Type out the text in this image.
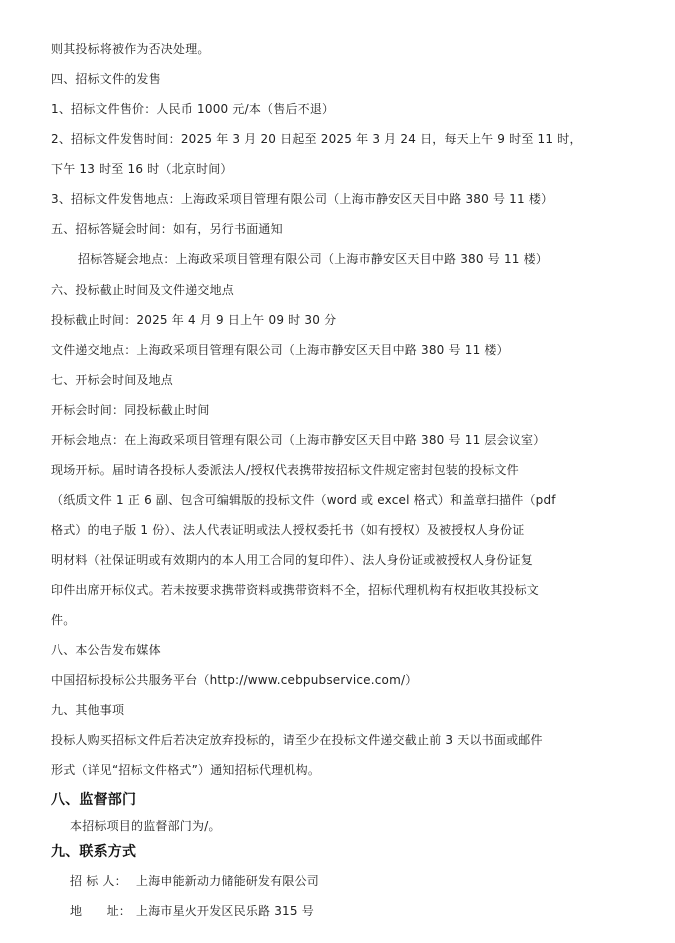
则其投标将被作为否决处理。
四、招标文件的发售
1、招标文件售价：人民币 1000 元/本（售后不退）
2、招标文件发售时间：2025 年 3 月 20 日起至 2025 年 3 月 24 日，每天上午 9 时至 11 时，
下午 13 时至 16 时（北京时间）
3、招标文件发售地点：上海政采项目管理有限公司（上海市静安区天目中路 380 号 11 楼）
五、招标答疑会时间：如有，另行书面通知
招标答疑会地点：上海政采项目管理有限公司（上海市静安区天目中路 380 号 11 楼）
六、投标截止时间及文件递交地点
投标截止时间：2025 年 4 月 9 日上午 09 时 30 分
文件递交地点：上海政采项目管理有限公司（上海市静安区天目中路 380 号 11 楼）
七、开标会时间及地点
开标会时间：同投标截止时间
开标会地点：在上海政采项目管理有限公司（上海市静安区天目中路 380 号 11 层会议室）
现场开标。届时请各投标人委派法人/授权代表携带按招标文件规定密封包装的投标文件
（纸质文件 1 正 6 副、包含可编辑版的投标文件（word 或 excel 格式）和盖章扫描件（pdf
格式）的电子版 1 份）、法人代表证明或法人授权委托书（如有授权）及被授权人身份证
明材料（社保证明或有效期内的本人用工合同的复印件）、法人身份证或被授权人身份证复
印件出席开标仪式。若未按要求携带资料或携带资料不全，招标代理机构有权拒收其投标文
件。
八、本公告发布媒体
中国招标投标公共服务平台（http://www.cebpubservice.com/）
九、其他事项
投标人购买招标文件后若决定放弃投标的，请至少在投标文件递交截止前 3 天以书面或邮件
形式（详见“招标文件格式”）通知招标代理机构。
八、监督部门
本招标项目的监督部门为/。
九、联系方式
招 标 人： 上海申能新动力储能研发有限公司
地　　址： 上海市星火开发区民乐路 315 号
